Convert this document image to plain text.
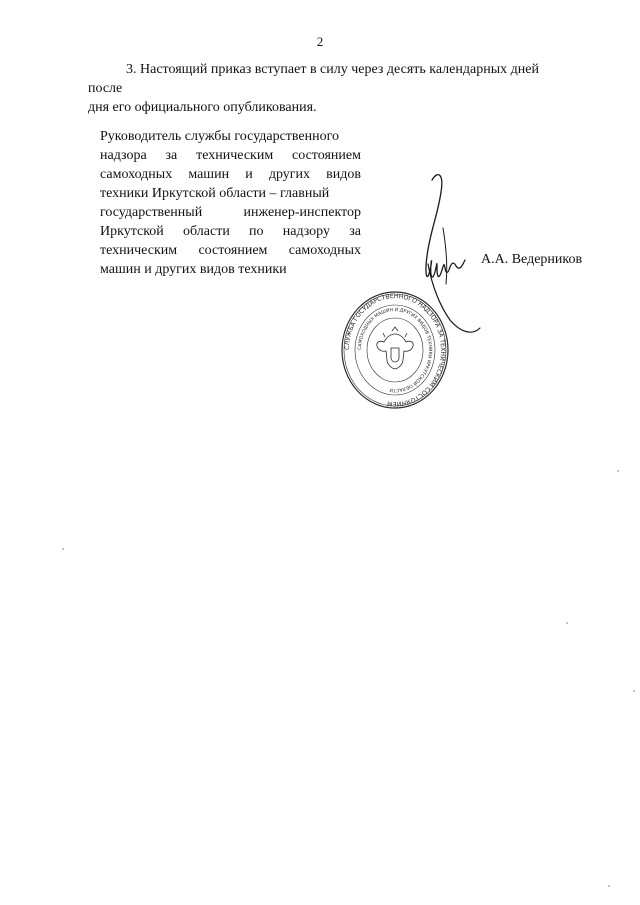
2
3. Настоящий приказ вступает в силу через десять календарных дней после
дня его официального опубликования.
Руководитель службы государственного
надзора за техническим состоянием
самоходных машин и других видов
техники Иркутской области – главный
государственный	инженер-инспектор
Иркутской области по надзору за
техническим состоянием самоходных
машин и других видов техники
СЛУЖБА ГОСУДАРСТВЕННОГО НАДЗОРА ЗА ТЕХНИЧЕСКИМ СОСТОЯНИЕМ
САМОХОДНЫХ МАШИН И ДРУГИХ ВИДОВ ТЕХНИКИ ИРКУТСКОЙ ОБЛАСТИ
А.А. Ведерников
